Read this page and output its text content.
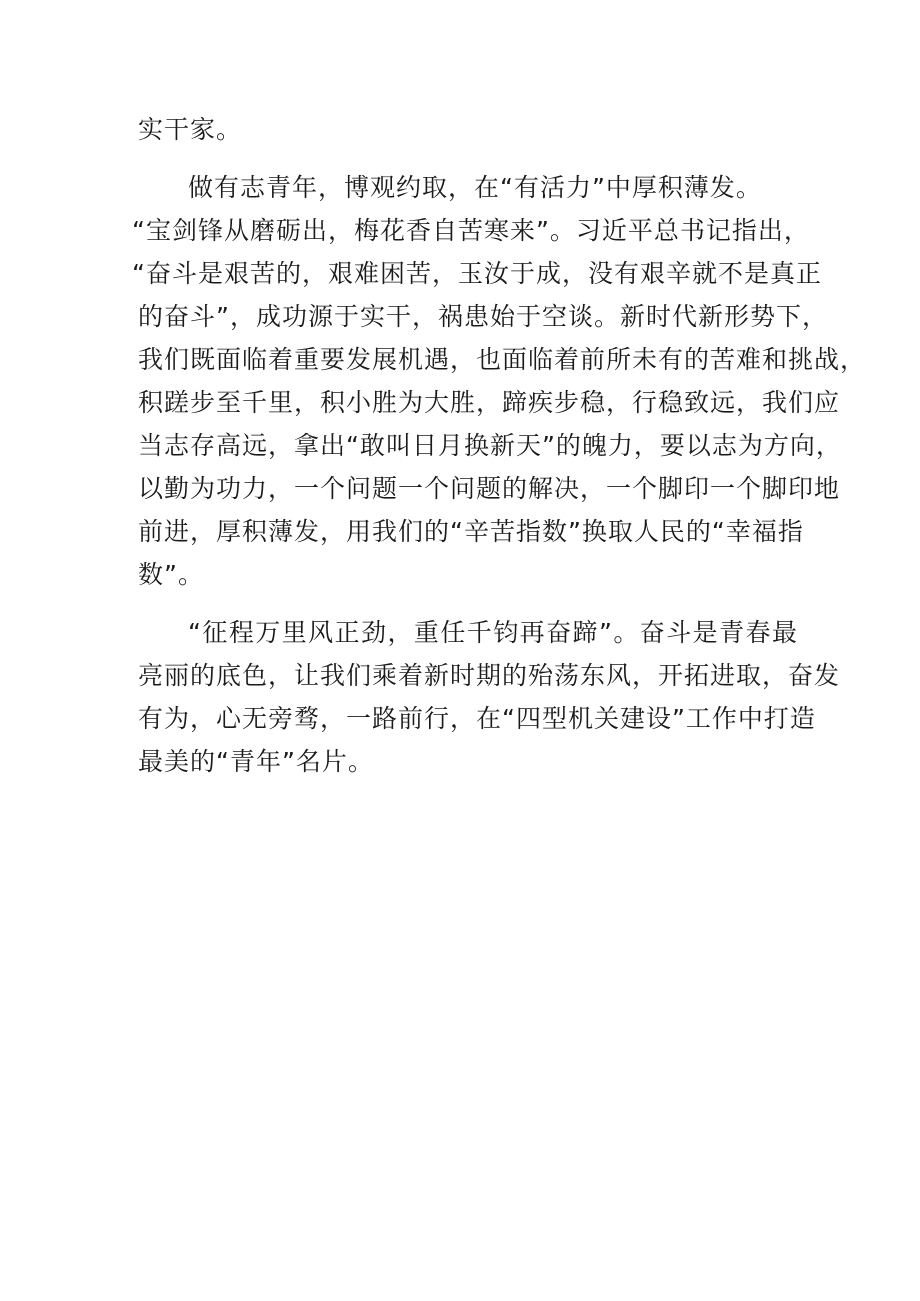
实干家。
做有志青年，博观约取，在“有活力”中厚积薄发。
“宝剑锋从磨砺出，梅花香自苦寒来”。习近平总书记指出，
“奋斗是艰苦的，艰难困苦，玉汝于成，没有艰辛就不是真正
的奋斗”，成功源于实干，祸患始于空谈。新时代新形势下，
我们既面临着重要发展机遇，也面临着前所未有的苦难和挑战，
积蹉步至千里，积小胜为大胜，蹄疾步稳，行稳致远，我们应
当志存高远，拿出“敢叫日月换新天”的魄力，要以志为方向，
以勤为功力，一个问题一个问题的解决，一个脚印一个脚印地
前进，厚积薄发，用我们的“辛苦指数”换取人民的“幸福指
数”。
“征程万里风正劲，重任千钧再奋蹄”。奋斗是青春最
亮丽的底色，让我们乘着新时期的殆荡东风，开拓进取，奋发
有为，心无旁骛，一路前行，在“四型机关建设”工作中打造
最美的“青年”名片。
